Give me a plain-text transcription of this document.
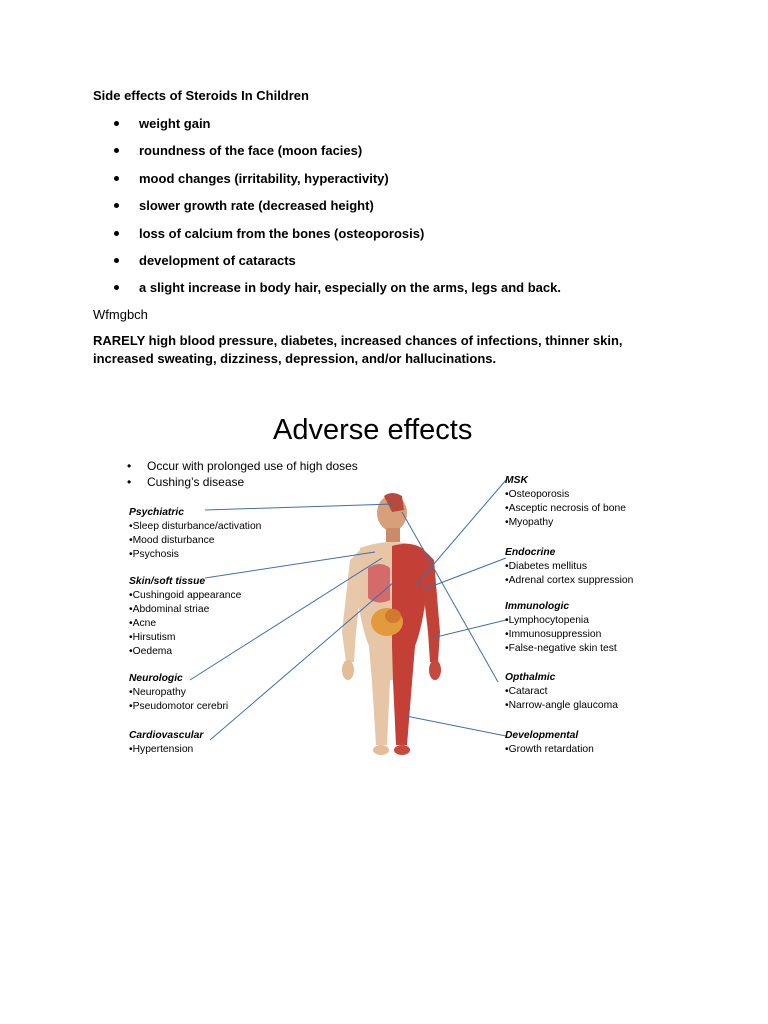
Side effects of Steroids In Children

weight gain
roundness of the face (moon facies)
mood changes (irritability, hyperactivity)
slower growth rate (decreased height)
loss of calcium from the bones (osteoporosis)
development of cataracts
a slight increase in body hair, especially on the arms, legs and back.

Wfmgbch

RARELY high blood pressure, diabetes, increased chances of infections, thinner skin, increased sweating, dizziness, depression, and/or hallucinations.

Adverse effects

• Occur with prolonged use of high doses
• Cushing’s disease
Psychiatric
•Sleep disturbance/activation
•Mood disturbance
•Psychosis
Skin/soft tissue
•Cushingoid appearance
•Abdominal striae
•Acne
•Hirsutism
•Oedema
Neurologic
•Neuropathy
•Pseudomotor cerebri
Cardiovascular
•Hypertension
MSK
•Osteoporosis
•Asceptic necrosis of bone
•Myopathy
Endocrine
•Diabetes mellitus
•Adrenal cortex suppression
Immunologic
•Lymphocytopenia
•Immunosuppression
•False-negative skin test
Opthalmic
•Cataract
•Narrow-angle glaucoma
Developmental
•Growth retardation
